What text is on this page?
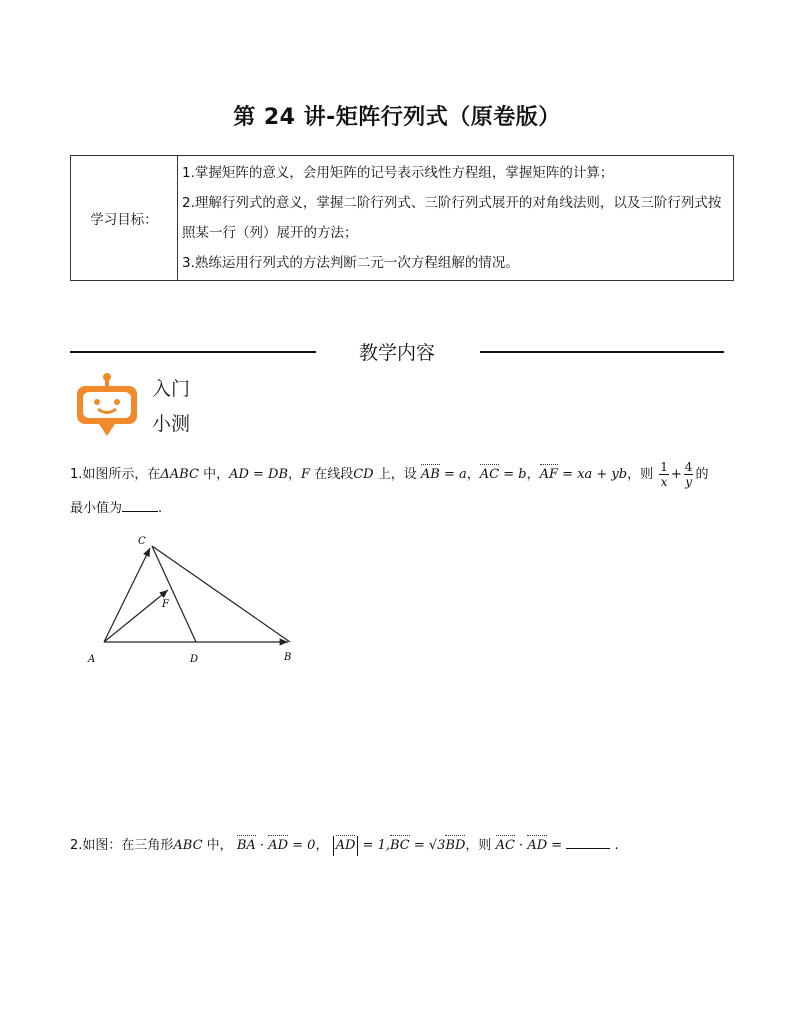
第 24 讲-矩阵行列式（原卷版）
学习目标：	
1.掌握矩阵的意义，会用矩阵的记号表示线性方程组，掌握矩阵的计算；
2.理解行列式的意义，掌握二阶行列式、三阶行列式展开的对角线法则，以及三阶行列式按照某一行（列）展开的方法；
3.熟练运用行列式的方法判断二元一次方程组解的情况。
教学内容
入门
小测
1.如图所示，在ΔABC 中，AD = DB，F 在线段CD 上，设 AB = a，AC = b，AF = xa + yb，则 $\frac{1}{x} + \frac{4}{y}$ 的
最小值为	.
C
F
A	D	B
2.如图：在三角形ABC 中， BA · AD = 0， AD = 1,BC = √3BD，则 AC · AD =	.
